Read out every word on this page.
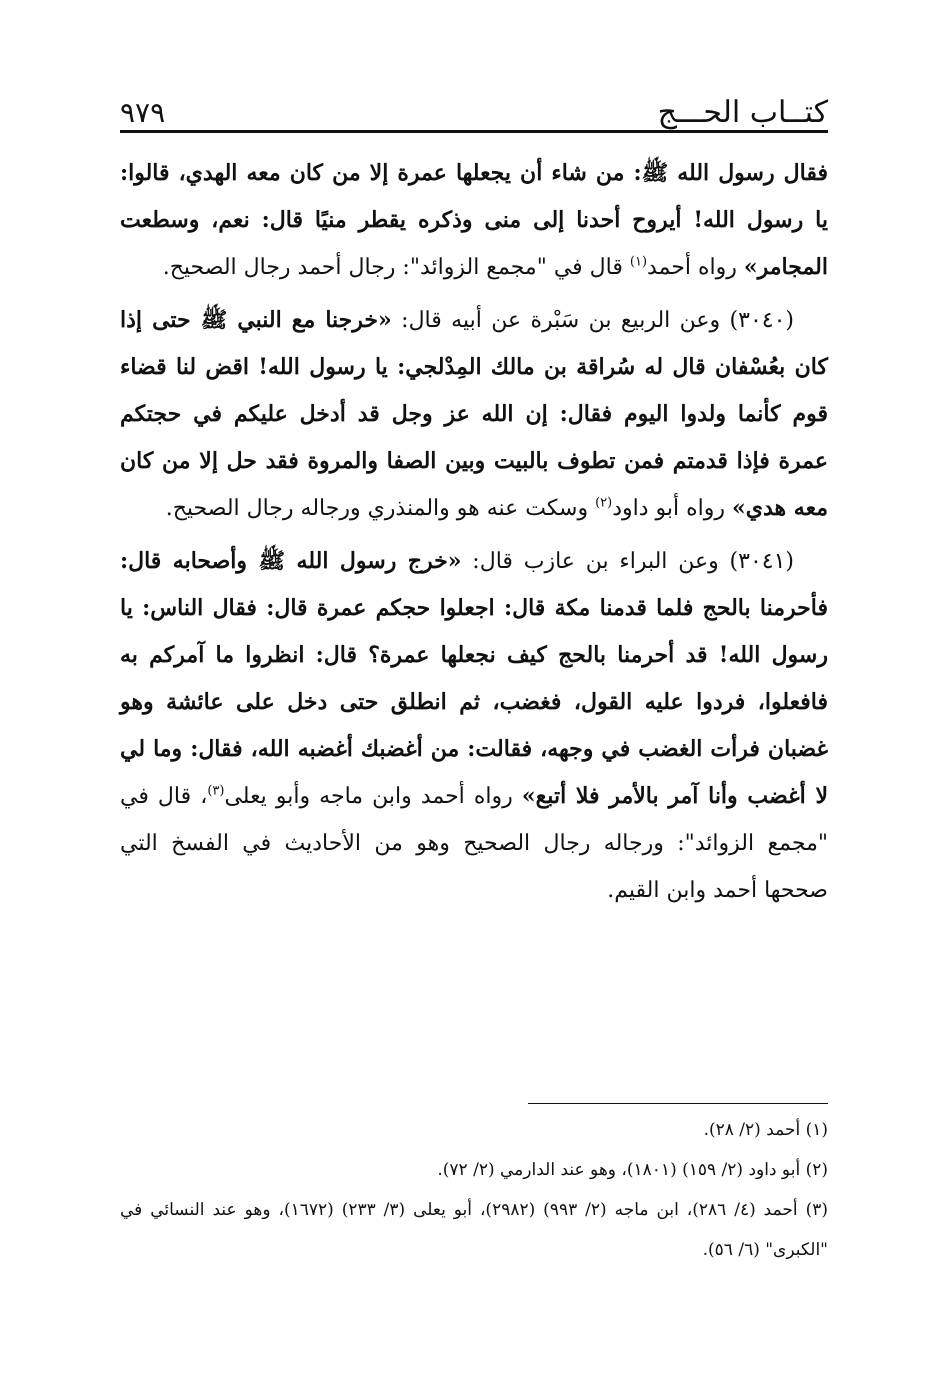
كتــاب الحـــج
٩٧٩

فقال رسول الله ﷺ: من شاء أن يجعلها عمرة إلا من كان معه الهدي، قالوا: يا رسول الله! أيروح أحدنا إلى منى وذكره يقطر منيًا قال: نعم، وسطعت المجامر» رواه أحمد$^{(١)}$ قال في "مجمع الزوائد": رجال أحمد رجال الصحيح.

(٣٠٤٠) وعن الربيع بن سَبْرة عن أبيه قال: «خرجنا مع النبي ﷺ حتى إذا كان بعُسْفان قال له سُراقة بن مالك المِدْلجي: يا رسول الله! اقض لنا قضاء قوم كأنما ولدوا اليوم فقال: إن الله عز وجل قد أدخل عليكم في حجتكم عمرة فإذا قدمتم فمن تطوف بالبيت وبين الصفا والمروة فقد حل إلا من كان معه هدي» رواه أبو داود$^{(٢)}$ وسكت عنه هو والمنذري ورجاله رجال الصحيح.

(٣٠٤١) وعن البراء بن عازب قال: «خرج رسول الله ﷺ وأصحابه قال: فأحرمنا بالحج فلما قدمنا مكة قال: اجعلوا حجكم عمرة قال: فقال الناس: يا رسول الله! قد أحرمنا بالحج كيف نجعلها عمرة؟ قال: انظروا ما آمركم به فافعلوا، فردوا عليه القول، فغضب، ثم انطلق حتى دخل على عائشة وهو غضبان فرأت الغضب في وجهه، فقالت: من أغضبك أغضبه الله، فقال: وما لي لا أغضب وأنا آمر بالأمر فلا أتبع» رواه أحمد وابن ماجه وأبو يعلى$^{(٣)}$، قال في "مجمع الزوائد": ورجاله رجال الصحيح وهو من الأحاديث في الفسخ التي صححها أحمد وابن القيم.

(١) أحمد (٢/ ٢٨).

(٢) أبو داود (٢/ ١٥٩) (١٨٠١)، وهو عند الدارمي (٢/ ٧٢).

(٣) أحمد (٤/ ٢٨٦)، ابن ماجه (٢/ ٩٩٣) (٢٩٨٢)، أبو يعلى (٣/ ٢٣٣) (١٦٧٢)، وهو عند النسائي في "الكبرى" (٦/ ٥٦).
